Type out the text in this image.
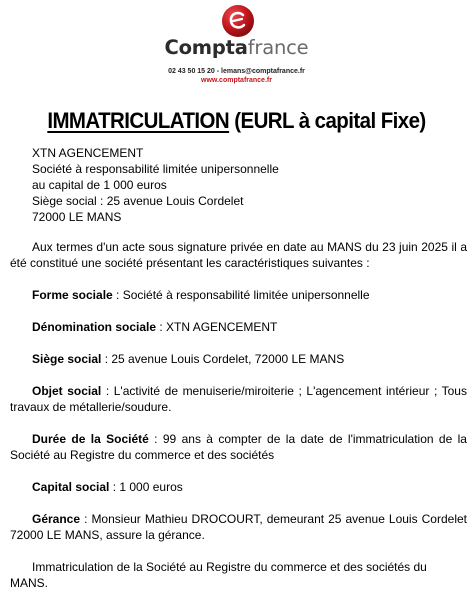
Comptafrance
02 43 50 15 20 - lemans@comptafrance.fr
www.comptafrance.fr
IMMATRICULATION (EURL à capital Fixe)

XTN AGENCEMENT

Société à responsabilité limitée unipersonnelle

au capital de 1 000 euros

Siège social : 25 avenue Louis Cordelet

72000 LE MANS

Aux termes d'un acte sous signature privée en date au MANS du 23 juin 2025 il a été constitué une société présentant les caractéristiques suivantes :

Forme sociale : Société à responsabilité limitée unipersonnelle

Dénomination sociale : XTN AGENCEMENT

Siège social : 25 avenue Louis Cordelet, 72000 LE MANS

Objet social : L'activité de menuiserie/miroiterie ; L'agencement intérieur ; Tous travaux de métallerie/soudure.

Durée de la Société : 99 ans à compter de la date de l'immatriculation de la Société au Registre du commerce et des sociétés

Capital social : 1 000 euros

Gérance : Monsieur Mathieu DROCOURT, demeurant 25 avenue Louis Cordelet 72000 LE MANS, assure la gérance.

Immatriculation de la Société au Registre du commerce et des sociétés du MANS.
